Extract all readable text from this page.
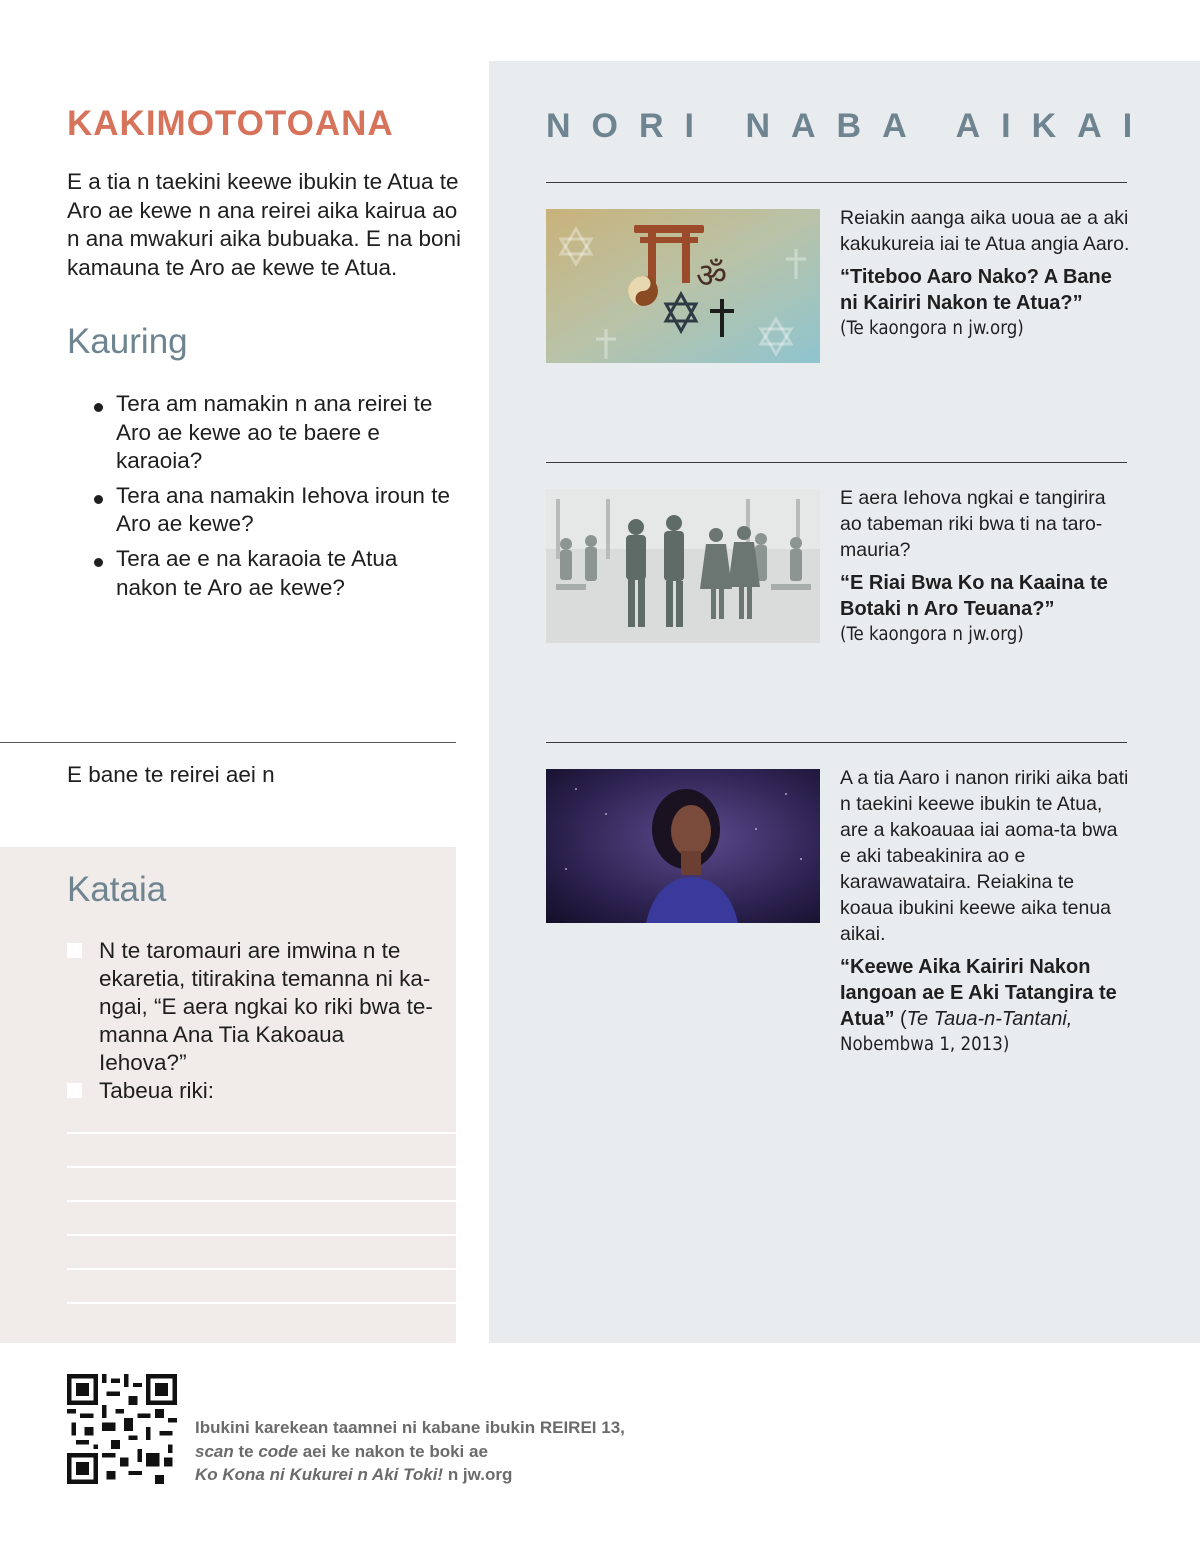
KAKIMOTOTOANA

E a tia n taekini keewe ibukin te Atua te Aro ae kewe n ana reirei aika kairua ao n ana mwakuri aika bubuaka. E na boni kamauna te Aro ae kewe te Atua.

Kauring
Tera am namakin n ana reirei te Aro ae kewe ao te baere e karaoia?
Tera ana namakin Iehova iroun te Aro ae kewe?
Tera ae e na karaoia te Atua nakon te Aro ae kewe?

E bane te reirei aei n

Kataia
N te taromauri are imwina n te ekaretia, titirakina temanna ni ka-ngai, “E aera ngkai ko riki bwa te-manna Ana Tia Kakoaua Iehova?”
Tabeua riki:
NORI NABA AIKAI
ॐ

Reiakin aanga aika uoua ae a aki kakukureia iai te Atua angia Aaro.

“Titeboo Aaro Nako? A Bane ni Kairiri Nakon te Atua?”

(Te kaongora n jw.org)

E aera Iehova ngkai e tangirira ao tabeman riki bwa ti na taro-mauria?

“E Riai Bwa Ko na Kaaina te Botaki n Aro Teuana?”

(Te kaongora n jw.org)

A a tia Aaro i nanon ririki aika bati n taekini keewe ibukin te Atua, are a kakoauaa iai aoma-ta bwa e aki tabeakinira ao e karawawataira. Reiakina te koaua ibukini keewe aika tenua aikai.

“Keewe Aika Kairiri Nakon Iangoan ae E Aki Tatangira te Atua” (Te Taua-n-Tantani,

Nobembwa 1, 2013)

Ibukini karekean taamnei ni kabane ibukin REIREI 13,
scan te code aei ke nakon te boki ae
Ko Kona ni Kukurei n Aki Toki! n jw.org
